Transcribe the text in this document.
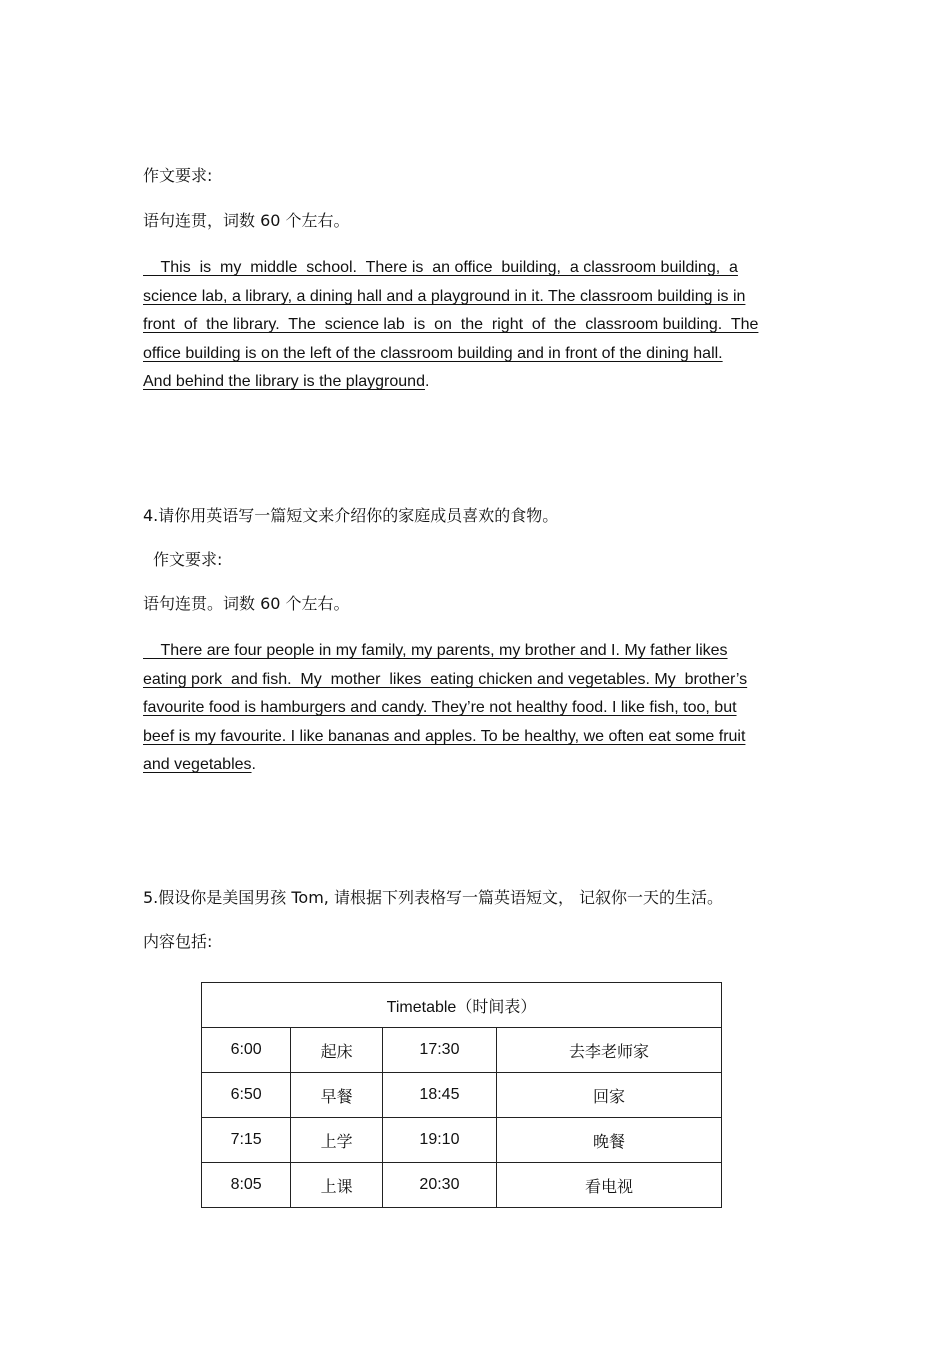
作文要求:
语句连贯，词数 60 个左右。
This  is  my  middle  school.  There is  an office  building,  a classroom building,  a
science lab, a library, a dining hall and a playground in it. The classroom building is in
front  of  the library.  The  science lab  is  on  the  right  of  the  classroom building.  The
office building is on the left of the classroom building and in front of the dining hall.
And behind the library is the playground.
4.请你用英语写一篇短文来介绍你的家庭成员喜欢的食物。
作文要求:
语句连贯。词数 60 个左右。
There are four people in my family, my parents, my brother and I. My father likes
eating pork  and fish.  My  mother  likes  eating chicken and vegetables. My  brother’s
favourite food is hamburgers and candy. They’re not healthy food. I like fish, too, but
beef is my favourite. I like bananas and apples. To be healthy, we often eat some fruit
and vegetables.
5.假设你是美国男孩 Tom, 请根据下列表格写一篇英语短文， 记叙你一天的生活。
内容包括:
Timetable（时间表）			
6:00	起床	17:30	去李老师家
6:50	早餐	18:45	回家
7:15	上学	19:10	晚餐
8:05	上课	20:30	看电视
